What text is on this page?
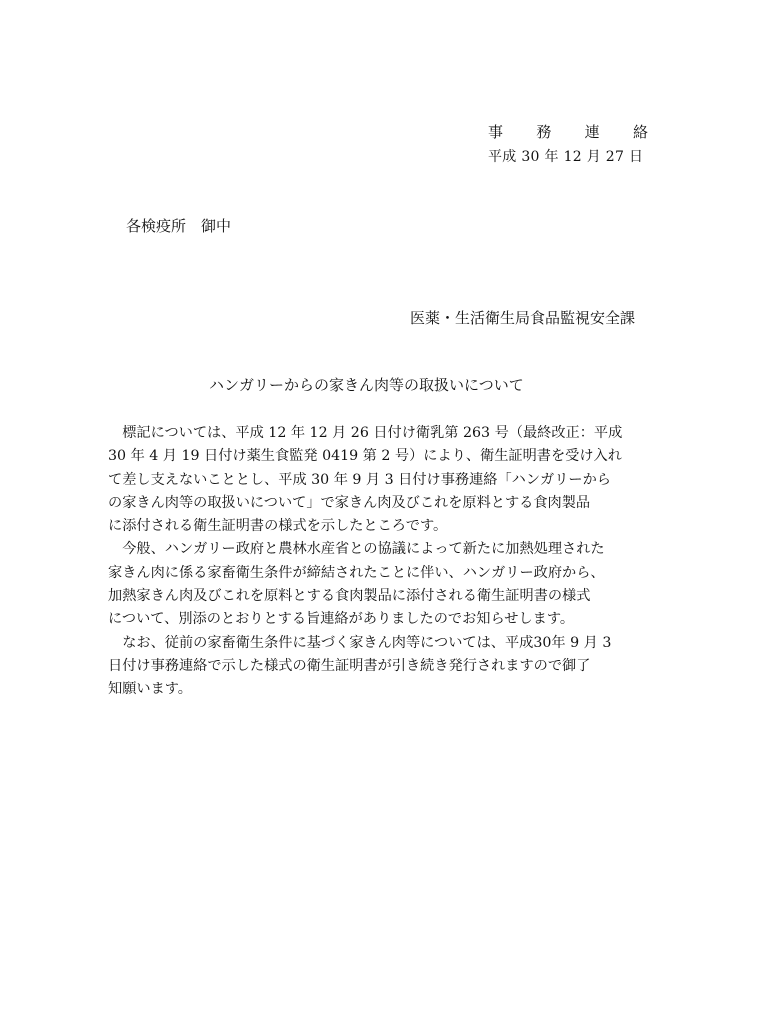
事 務 連 絡
平成 30 年 12 月 27 日
各検疫所　御中
医薬・生活衛生局食品監視安全課
ハンガリーからの家きん肉等の取扱いについて
　標記については、平成 12 年 12 月 26 日付け衛乳第 263 号（最終改正：平成
30 年 4 月 19 日付け薬生食監発 0419 第 2 号）により、衛生証明書を受け入れ
て差し支えないこととし、平成 30 年 9 月 3 日付け事務連絡「ハンガリーから
の家きん肉等の取扱いについて」で家きん肉及びこれを原料とする食肉製品
に添付される衛生証明書の様式を示したところです。
　今般、ハンガリー政府と農林水産省との協議によって新たに加熱処理された
家きん肉に係る家畜衛生条件が締結されたことに伴い、ハンガリー政府から、
加熱家きん肉及びこれを原料とする食肉製品に添付される衛生証明書の様式
について、別添のとおりとする旨連絡がありましたのでお知らせします。
　なお、従前の家畜衛生条件に基づく家きん肉等については、平成30年 9 月 3
日付け事務連絡で示した様式の衛生証明書が引き続き発行されますので御了
知願います。
